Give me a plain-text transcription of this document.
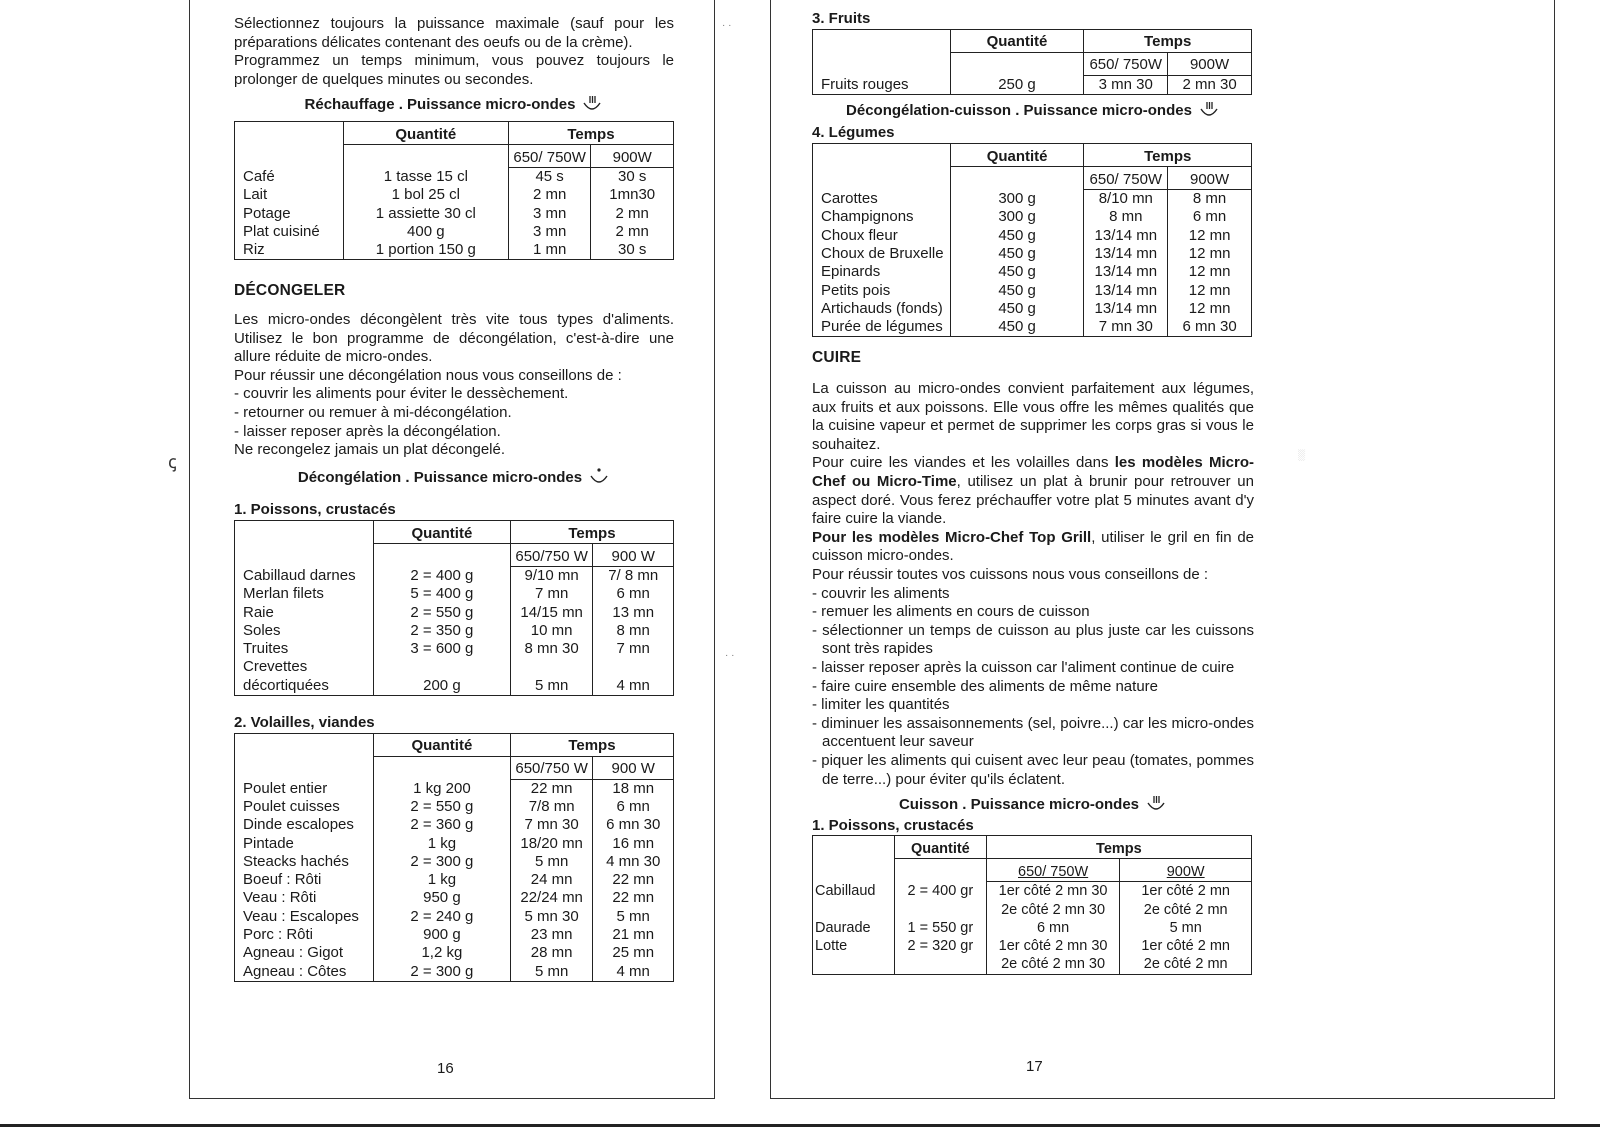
Sélectionnez toujours la puissance maximale (sauf pour les préparations délicates contenant des oeufs ou de la crème).

Programmez un temps minimum, vous pouvez toujours le prolonger de quelques minutes ou secondes.

Réchauffage . Puissance micro-ondes
	Quantité	Temps	
		650/ 750W	900W
Café	1 tasse 15 cl	45 s	30 s
Lait	1 bol 25 cl	2 mn	1mn30
Potage	1 assiette 30 cl	3 mn	2 mn
Plat cuisiné	400 g	3 mn	2 mn
Riz	1 portion 150 g	1 mn	30 s

DÉCONGELER

Les micro-ondes décongèlent très vite tous types d'aliments. Utilisez le bon programme de décongélation, c'est-à-dire une allure réduite de micro-ondes.

Pour réussir une décongélation nous vous conseillons de :

- couvrir les aliments pour éviter le dessèchement.

- retourner ou remuer à mi-décongélation.

- laisser reposer après la décongélation.

Ne recongelez jamais un plat décongelé.

Décongélation . Puissance micro-ondes

1. Poissons, crustacés

	Quantité	Temps	
		650/750 W	900 W
Cabillaud darnes	2 = 400 g	9/10 mn	7/ 8 mn
Merlan filets	5 = 400 g	7 mn	6 mn
Raie	2 = 550 g	14/15 mn	13 mn
Soles	2 = 350 g	10 mn	8 mn
Truites	3 = 600 g	8 mn 30	7 mn
Crevettes			
décortiquées	200 g	5 mn	4 mn

2. Volailles, viandes

	Quantité	Temps	
		650/750 W	900 W
Poulet entier	1 kg 200	22 mn	18 mn
Poulet cuisses	2 = 550 g	7/8 mn	6 mn
Dinde escalopes	2 = 360 g	7 mn 30	6 mn 30
Pintade	1 kg	18/20 mn	16 mn
Steacks hachés	2 = 300 g	5 mn	4 mn 30
Boeuf : Rôti	1 kg	24 mn	22 mn
Veau : Rôti	950 g	22/24 mn	22 mn
Veau : Escalopes	2 = 240 g	5 mn 30	5 mn
Porc : Rôti	900 g	23 mn	21 mn
Agneau : Gigot	1,2 kg	28 mn	25 mn
Agneau : Côtes	2 = 300 g	5 mn	4 mn
16

3. Fruits

	Quantité	Temps	
		650/ 750W	900W
Fruits rouges	250 g	3 mn 30	2 mn 30
Décongélation-cuisson . Puissance micro-ondes

4. Légumes

	Quantité	Temps	
		650/ 750W	900W
Carottes	300 g	8/10 mn	8 mn
Champignons	300 g	8 mn	6 mn
Choux fleur	450 g	13/14 mn	12 mn
Choux de Bruxelle	450 g	13/14 mn	12 mn
Epinards	450 g	13/14 mn	12 mn
Petits pois	450 g	13/14 mn	12 mn
Artichauds (fonds)	450 g	13/14 mn	12 mn
Purée de légumes	450 g	7 mn 30	6 mn 30

CUIRE

La cuisson au micro-ondes convient parfaitement aux légumes, aux fruits et aux poissons. Elle vous offre les mêmes qualités que la cuisine vapeur et permet de supprimer les corps gras si vous le souhaitez.

Pour cuire les viandes et les volailles dans les modèles Micro-Chef ou Micro-Time, utilisez un plat à brunir pour retrouver un aspect doré. Vous ferez préchauffer votre plat 5 minutes avant d'y faire cuire la viande.

Pour les modèles Micro-Chef Top Grill, utiliser le gril en fin de cuisson micro-ondes.

Pour réussir toutes vos cuissons nous vous conseillons de :

- couvrir les aliments

- remuer les aliments en cours de cuisson

- sélectionner un temps de cuisson au plus juste car les cuissons sont très rapides

- laisser reposer après la cuisson car l'aliment continue de cuire

- faire cuire ensemble des aliments de même nature

- limiter les quantités

- diminuer les assaisonnements (sel, poivre...) car les micro-ondes accentuent leur saveur

- piquer les aliments qui cuisent avec leur peau (tomates, pommes de terre...) pour éviter qu'ils éclatent.

Cuisson . Puissance micro-ondes

1. Poissons, crustacés

	Quantité	Temps	
		650/ 750W	900W
Cabillaud	2 = 400 gr	1er côté 2 mn 30	1er côté 2 mn
		2e côté 2 mn 30	2e côté 2 mn
Daurade	1 = 550 gr	6 mn	5 mn
Lotte	2 = 320 gr	1er côté 2 mn 30	1er côté 2 mn
		2e côté 2 mn 30	2e côté 2 mn
17
ꞔ
· ·
· ·
░
